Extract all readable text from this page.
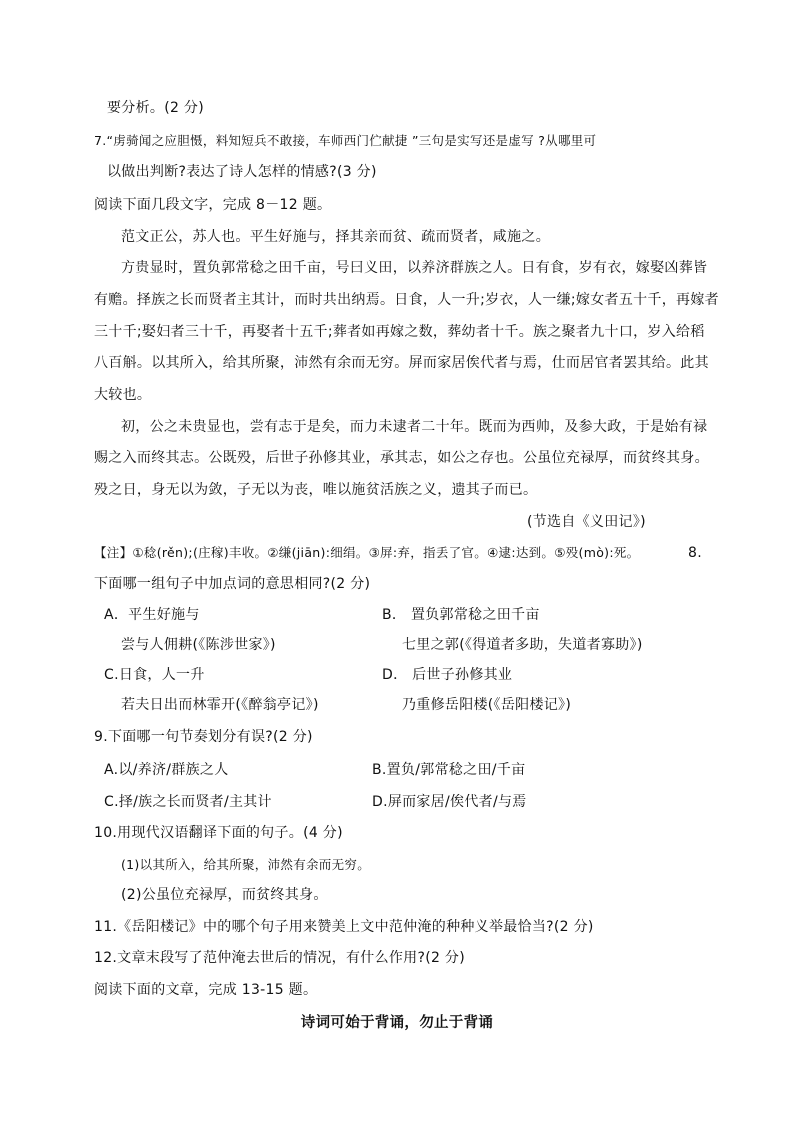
要分析。(2 分)
7.“虏骑闻之应胆慑，料知短兵不敢接，车师西门伫献捷 ”三句是实写还是虚写 ?从哪里可
以做出判断?表达了诗人怎样的情感?(3 分)
阅读下面几段文字，完成 8－12 题。
范文正公，苏人也。平生好施与，择其亲而贫、疏而贤者，咸施之。
方贵显时，置负郭常稔之田千亩，号曰义田，以养济群族之人。日有食，岁有衣，嫁娶凶葬皆
有赡。择族之长而贤者主其计，而时共出纳焉。日食，人一升;岁衣，人一缣;嫁女者五十千，再嫁者
三十千;娶妇者三十千，再娶者十五千;葬者如再嫁之数，葬幼者十千。族之聚者九十口，岁入给稻
八百斛。以其所入，给其所聚，沛然有余而无穷。屏而家居俟代者与焉，仕而居官者罢其给。此其
大较也。
初，公之未贵显也，尝有志于是矣，而力未逮者二十年。既而为西帅，及参大政，于是始有禄
赐之入而终其志。公既殁，后世子孙修其业，承其志，如公之存也。公虽位充禄厚，而贫终其身。
殁之日，身无以为敛，子无以为丧，唯以施贫活族之义，遗其子而已。
(节选自《义田记》)
【注】①稔(rěn);(庄稼)丰收。②缣(jiān):细绢。③屏:弃，指丢了官。④逮:达到。⑤殁(mò):死。	8.
下面哪一组句子中加点词的意思相同?(2 分)
A．平生好施与	B． 置负郭常稔之田千亩
尝与人佣耕(《陈涉世家》)	七里之郭(《得道者多助，失道者寡助》)
C.日食，人一升	D． 后世子孙修其业
若夫日出而林霏开(《醉翁亭记》)	乃重修岳阳楼(《岳阳楼记》)
9.下面哪一句节奏划分有误?(2 分)
A.以/养济/群族之人	B.置负/郭常稔之田/千亩
C.择/族之长而贤者/主其计	D.屏而家居/俟代者/与焉
10.用现代汉语翻译下面的句子。(4 分)
(1)以其所入，给其所聚，沛然有余而无穷。
(2)公虽位充禄厚，而贫终其身。
11.《岳阳楼记》中的哪个句子用来赞美上文中范仲淹的种种义举最恰当?(2 分)
12.文章末段写了范仲淹去世后的情况，有什么作用?(2 分)
阅读下面的文章，完成 13-15 题。
诗词可始于背诵，勿止于背诵
